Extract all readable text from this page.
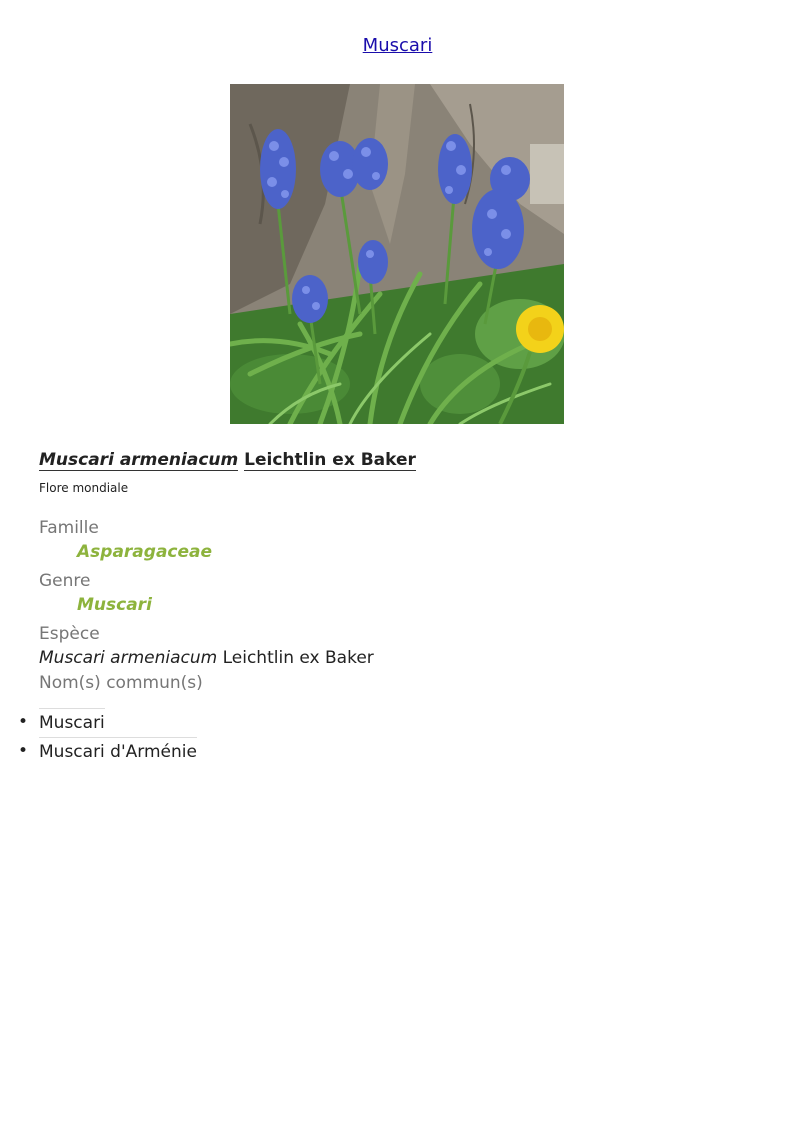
Muscari
Muscari armeniacum Leichtlin ex Baker
Flore mondiale
Famille
Asparagaceae
Genre
Muscari
Espèce
Muscari armeniacum Leichtlin ex Baker
Nom(s) commun(s)
• Muscari
• Muscari d'Arménie
